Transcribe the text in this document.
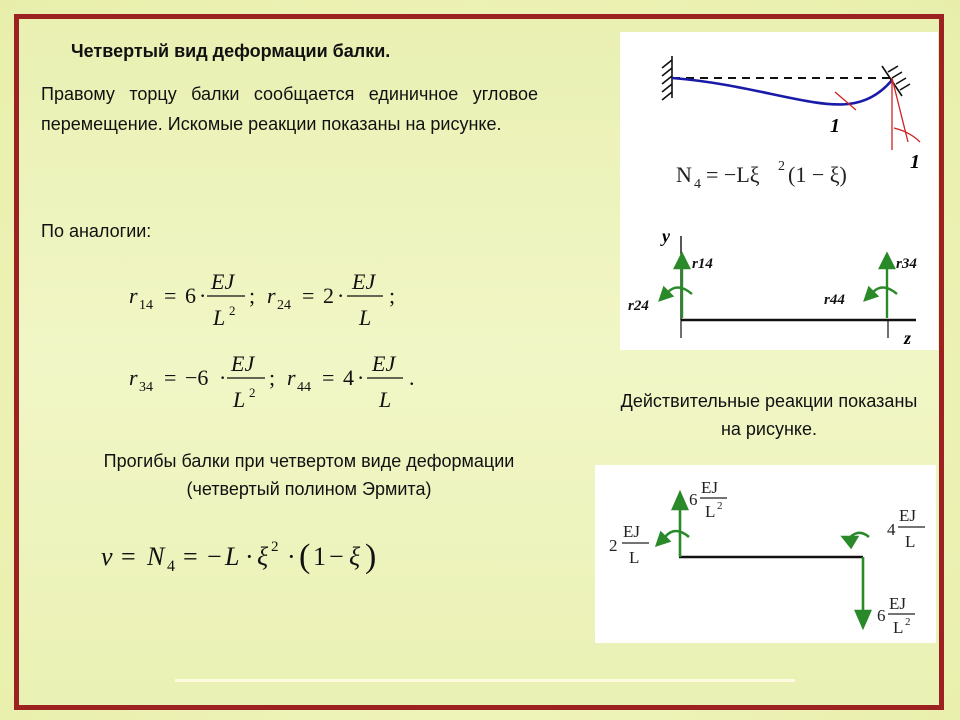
Четвертый вид деформации балки.
Правому торцу балки сообщается единичное угловое перемещение. Искомые реакции показаны на рисунке.
По аналогии:
r 14 = 6 ·
EJ
L 2
; r 24 = 2 ·
EJ
L
;
r 34 = −6 ·
EJ
L 2
; r 44 = 4 ·
EJ
L
.
Прогибы балки при четвертом виде деформации (четвертый полином Эрмита)
v = N 4 = − L · ξ 2 · ( 1 − ξ )
1
1
N 4 = −Lξ 2 (1 − ξ)
y
z
r14
r24
r34
r44
Действительные реакции показаны на рисунке.
2
EJ
L
6
EJ
L 2
4
EJ
L
6
EJ
L 2
